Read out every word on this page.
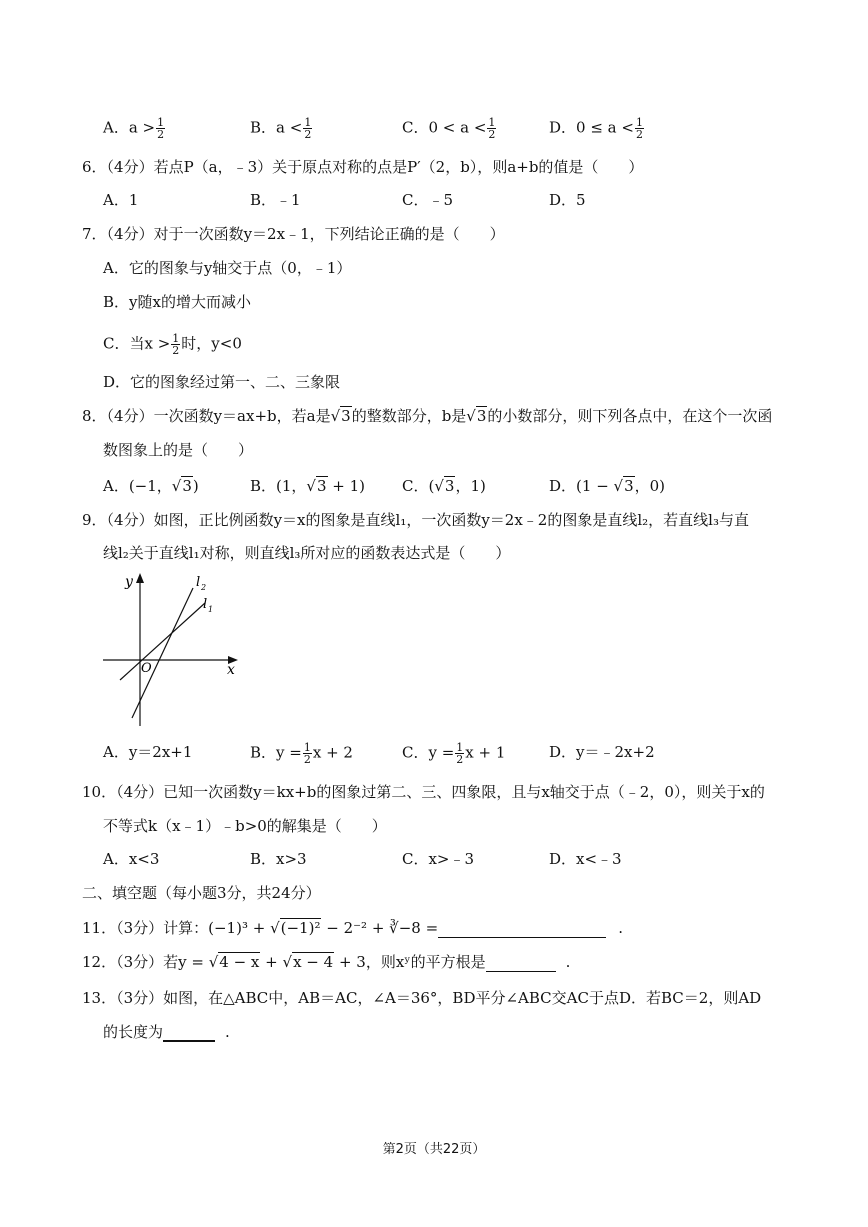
A．$a > \frac{1}{2}$	B．$a < \frac{1}{2}$	C．$0 < a < \frac{1}{2}$	D．$0 \le a < \frac{1}{2}$
6．（4分）若点P（a，﹣3）关于原点对称的点是P′（2，b），则a+b的值是（　　）
A．1	B．﹣1	C．﹣5	D．5
7．（4分）对于一次函数y＝2x﹣1，下列结论正确的是（　　）
A．它的图象与y轴交于点（0，﹣1）
B．y随x的增大而减小
C．当$x > \frac{1}{2}$ 时，y<0
D．它的图象经过第一、二、三象限
8．（4分）一次函数y＝ax+b，若a是√3的整数部分，b是√3的小数部分，则下列各点中，在这个一次函
数图象上的是（　　）
A．(−1，√3)	B．(1，√3 + 1) C．(√3，1)	D．(1 − √3，0)
9．（4分）如图，正比例函数y＝x的图象是直线l₁，一次函数y＝2x﹣2的图象是直线l₂，若直线l₃与直
线l₂关于直线l₁对称，则直线l₃所对应的函数表达式是（　　）
y
x
O
l 2
l 1
A．y＝2x+1	B．$y = \frac{1}{2}$ x + 2	C．$y = \frac{1}{2}$ x + 1	D．y＝﹣2x+2
10．（4分）已知一次函数y＝kx+b的图象过第二、三、四象限，且与x轴交于点（﹣2，0），则关于x的
不等式k（x﹣1）﹣b>0的解集是（　　）
A．x<3	B．x>3	C．x>﹣3	D．x<﹣3
二、填空题（每小题3分，共24分）
11．（3分）计算：(−1)³ + √(−1)² − 2⁻² + ∛−8 =	.
12．（3分）若y = √4 − x + √x − 4 + 3，则xʸ的平方根是	.
13．（3分）如图，在△ABC中，AB＝AC，∠A＝36°，BD平分∠ABC交AC于点D．若BC＝2，则AD
的长度为	.
第2页（共22页）
